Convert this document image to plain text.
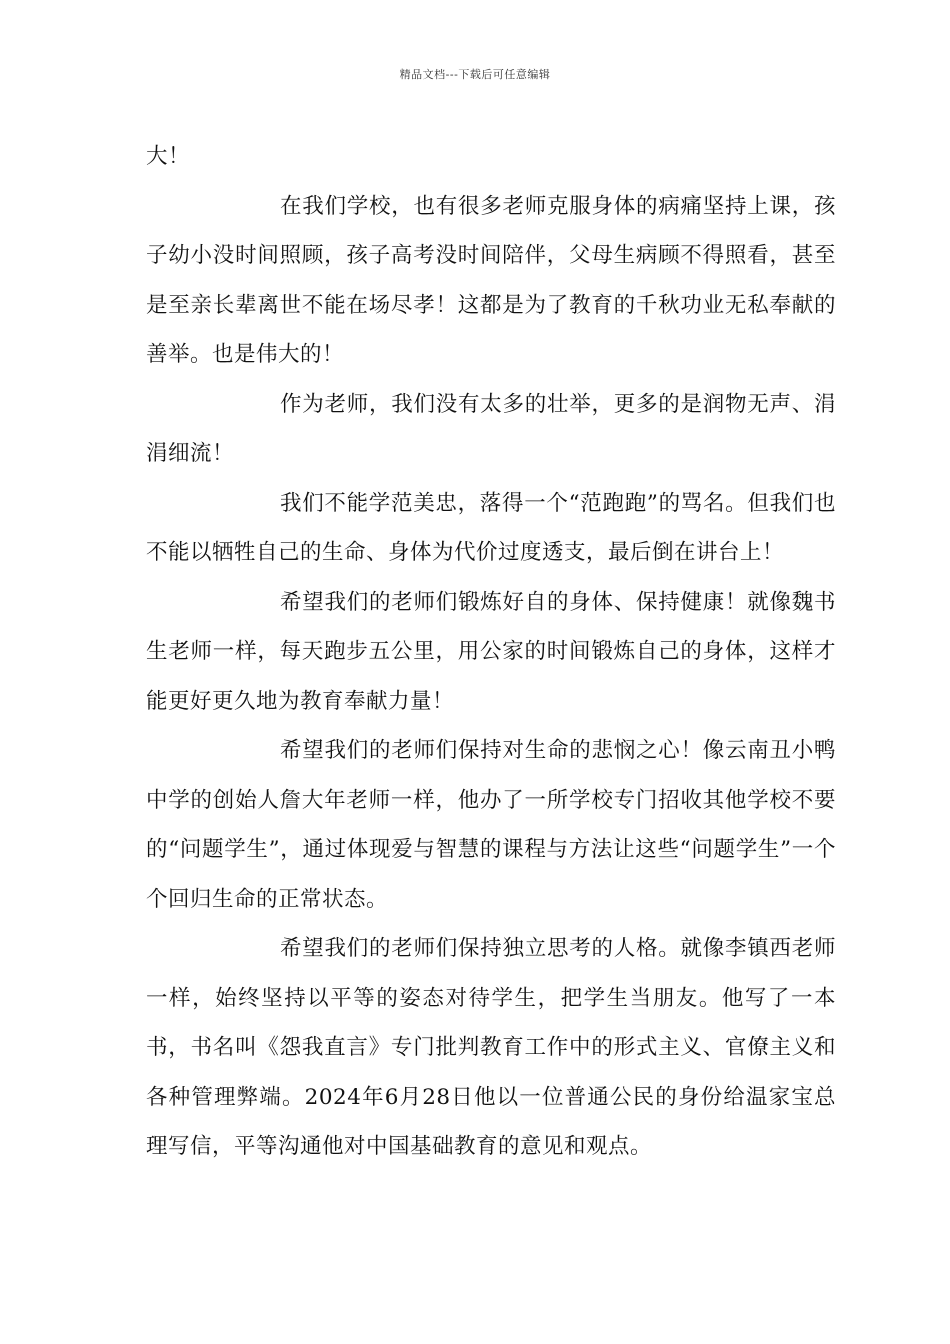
精品文档---下载后可任意编辑

大！

在我们学校，也有很多老师克服身体的病痛坚持上课，孩子幼小没时间照顾，孩子高考没时间陪伴，父母生病顾不得照看，甚至是至亲长辈离世不能在场尽孝！这都是为了教育的千秋功业无私奉献的善举。也是伟大的！

作为老师，我们没有太多的壮举，更多的是润物无声、涓涓细流！

我们不能学范美忠，落得一个“范跑跑”的骂名。但我们也不能以牺牲自己的生命、身体为代价过度透支，最后倒在讲台上！

希望我们的老师们锻炼好自的身体、保持健康！就像魏书生老师一样，每天跑步五公里，用公家的时间锻炼自己的身体，这样才能更好更久地为教育奉献力量！

希望我们的老师们保持对生命的悲悯之心！像云南丑小鸭中学的创始人詹大年老师一样，他办了一所学校专门招收其他学校不要的“问题学生”，通过体现爱与智慧的课程与方法让这些“问题学生”一个个回归生命的正常状态。

希望我们的老师们保持独立思考的人格。就像李镇西老师一样，始终坚持以平等的姿态对待学生，把学生当朋友。他写了一本书，书名叫《怨我直言》专门批判教育工作中的形式主义、官僚主义和各种管理弊端。2024年6月28日他以一位普通公民的身份给温家宝总理写信，平等沟通他对中国基础教育的意见和观点。
